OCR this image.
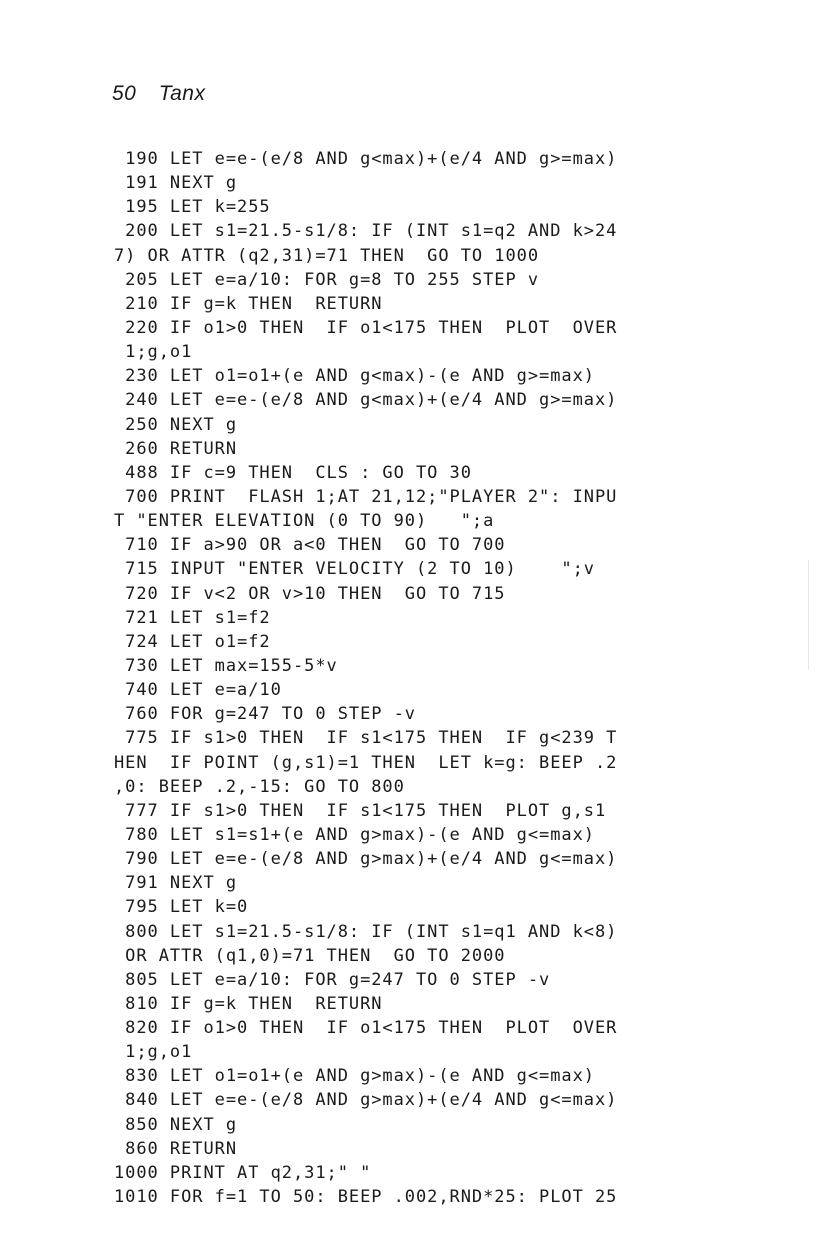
50 Tanx
190 LET e=e-(e/8 AND g<max)+(e/4 AND g>=max)
191 NEXT g
195 LET k=255
200 LET s1=21.5-s1/8: IF (INT s1=q2 AND k>24
7) OR ATTR (q2,31)=71 THEN  GO TO 1000
205 LET e=a/10: FOR g=8 TO 255 STEP v
210 IF g=k THEN  RETURN
220 IF o1>0 THEN  IF o1<175 THEN  PLOT  OVER
1;g,o1
230 LET o1=o1+(e AND g<max)-(e AND g>=max)
240 LET e=e-(e/8 AND g<max)+(e/4 AND g>=max)
250 NEXT g
260 RETURN
488 IF c=9 THEN  CLS : GO TO 30
700 PRINT  FLASH 1;AT 21,12;"PLAYER 2": INPU
T "ENTER ELEVATION (0 TO 90)   ";a
710 IF a>90 OR a<0 THEN  GO TO 700
715 INPUT "ENTER VELOCITY (2 TO 10)    ";v
720 IF v<2 OR v>10 THEN  GO TO 715
721 LET s1=f2
724 LET o1=f2
730 LET max=155-5*v
740 LET e=a/10
760 FOR g=247 TO 0 STEP -v
775 IF s1>0 THEN  IF s1<175 THEN  IF g<239 T
HEN  IF POINT (g,s1)=1 THEN  LET k=g: BEEP .2
,0: BEEP .2,-15: GO TO 800
777 IF s1>0 THEN  IF s1<175 THEN  PLOT g,s1
780 LET s1=s1+(e AND g>max)-(e AND g<=max)
790 LET e=e-(e/8 AND g>max)+(e/4 AND g<=max)
791 NEXT g
795 LET k=0
800 LET s1=21.5-s1/8: IF (INT s1=q1 AND k<8)
OR ATTR (q1,0)=71 THEN  GO TO 2000
805 LET e=a/10: FOR g=247 TO 0 STEP -v
810 IF g=k THEN  RETURN
820 IF o1>0 THEN  IF o1<175 THEN  PLOT  OVER
1;g,o1
830 LET o1=o1+(e AND g>max)-(e AND g<=max)
840 LET e=e-(e/8 AND g>max)+(e/4 AND g<=max)
850 NEXT g
860 RETURN
1000 PRINT AT q2,31;" "
1010 FOR f=1 TO 50: BEEP .002,RND*25: PLOT 25
